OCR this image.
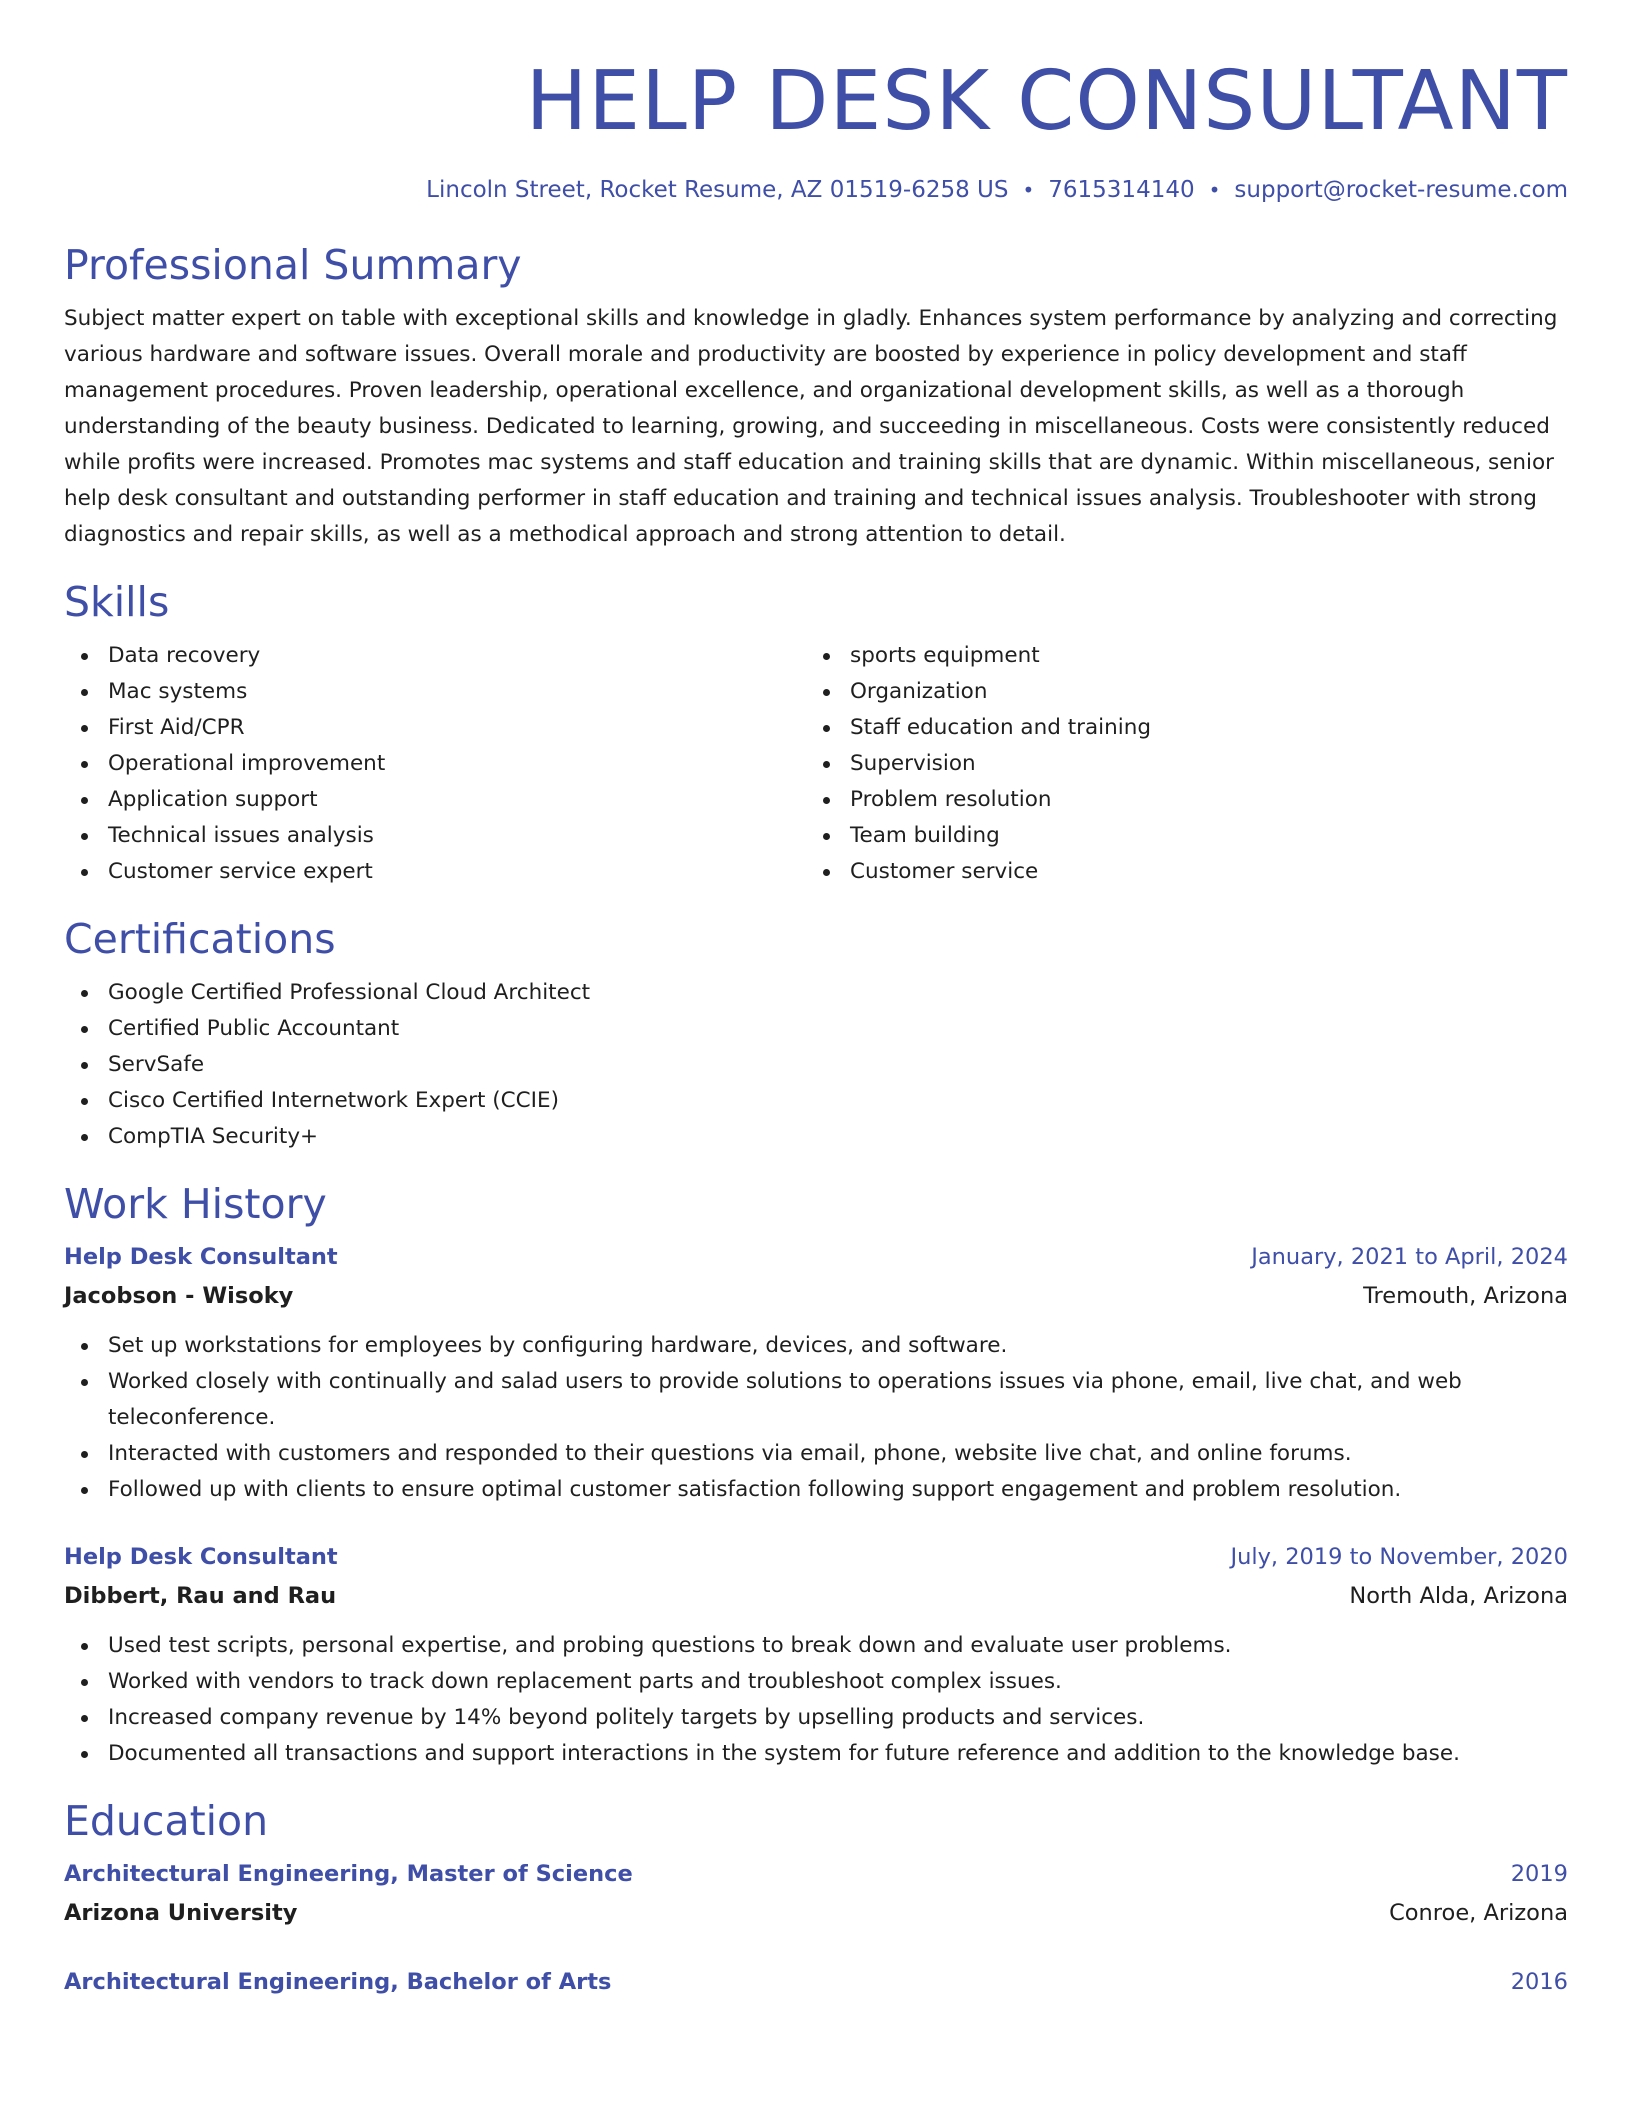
HELP DESK CONSULTANT
Lincoln Street, Rocket Resume, AZ 01519-6258 US • 7615314140 • support@rocket-resume.com
Professional Summary

Subject matter expert on table with exceptional skills and knowledge in gladly. Enhances system performance by analyzing and correcting various hardware and software issues. Overall morale and productivity are boosted by experience in policy development and staff management procedures. Proven leadership, operational excellence, and organizational development skills, as well as a thorough understanding of the beauty business. Dedicated to learning, growing, and succeeding in miscellaneous. Costs were consistently reduced while profits were increased. Promotes mac systems and staff education and training skills that are dynamic. Within miscellaneous, senior help desk consultant and outstanding performer in staff education and training and technical issues analysis. Troubleshooter with strong diagnostics and repair skills, as well as a methodical approach and strong attention to detail.

Skills
Data recovery
Mac systems
First Aid/CPR
Operational improvement
Application support
Technical issues analysis
Customer service expert
sports equipment
Organization
Staff education and training
Supervision
Problem resolution
Team building
Customer service
Certifications
Google Certified Professional Cloud Architect
Certified Public Accountant
ServSafe
Cisco Certified Internetwork Expert (CCIE)
CompTIA Security+
Work History
Help Desk Consultant	January, 2021 to April, 2024
Jacobson - Wisoky	Tremouth, Arizona
Set up workstations for employees by configuring hardware, devices, and software.
Worked closely with continually and salad users to provide solutions to operations issues via phone, email, live chat, and web teleconference.
Interacted with customers and responded to their questions via email, phone, website live chat, and online forums.
Followed up with clients to ensure optimal customer satisfaction following support engagement and problem resolution.
Help Desk Consultant	July, 2019 to November, 2020
Dibbert, Rau and Rau	North Alda, Arizona
Used test scripts, personal expertise, and probing questions to break down and evaluate user problems.
Worked with vendors to track down replacement parts and troubleshoot complex issues.
Increased company revenue by 14% beyond politely targets by upselling products and services.
Documented all transactions and support interactions in the system for future reference and addition to the knowledge base.
Education
Architectural Engineering, Master of Science	2019
Arizona University	Conroe, Arizona
Architectural Engineering, Bachelor of Arts	2016
